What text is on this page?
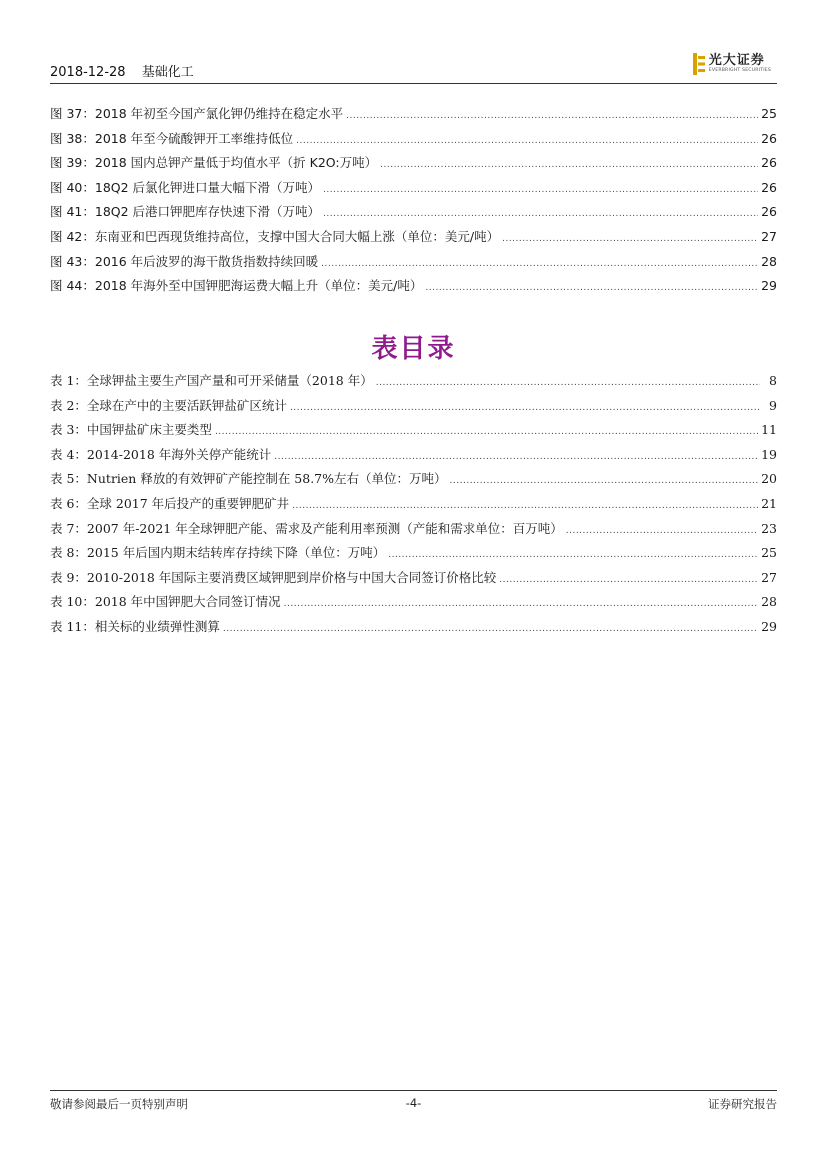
2018-12-28 基础化工
光大证券
EVERBRIGHT SECURITIES
图 37：2018 年初至今国产氯化钾仍维持在稳定水平 .....	25
图 38：2018 年至今硫酸钾开工率维持低位 .....	26
图 39：2018 国内总钾产量低于均值水平（折 K2O:万吨） .....	26
图 40：18Q2 后氯化钾进口量大幅下滑（万吨） .....	26
图 41：18Q2 后港口钾肥库存快速下滑（万吨） .....	26
图 42：东南亚和巴西现货维持高位，支撑中国大合同大幅上涨（单位：美元/吨） .....	27
图 43：2016 年后波罗的海干散货指数持续回暖 .....	28
图 44：2018 年海外至中国钾肥海运费大幅上升（单位：美元/吨） .....	29
表目录
表 1：全球钾盐主要生产国产量和可开采储量（2018 年） .....	8
表 2：全球在产中的主要活跃钾盐矿区统计 .....	9
表 3：中国钾盐矿床主要类型 .....	11
表 4：2014-2018 年海外关停产能统计 .....	19
表 5：Nutrien 释放的有效钾矿产能控制在 58.7%左右（单位：万吨） .....	20
表 6：全球 2017 年后投产的重要钾肥矿井 .....	21
表 7：2007 年-2021 年全球钾肥产能、需求及产能利用率预测（产能和需求单位：百万吨） .....	23
表 8：2015 年后国内期末结转库存持续下降（单位：万吨） .....	25
表 9：2010-2018 年国际主要消费区域钾肥到岸价格与中国大合同签订价格比较 .....	27
表 10：2018 年中国钾肥大合同签订情况 .....	28
表 11：相关标的业绩弹性测算 .....	29
敬请参阅最后一页特别声明	-4-	证券研究报告
